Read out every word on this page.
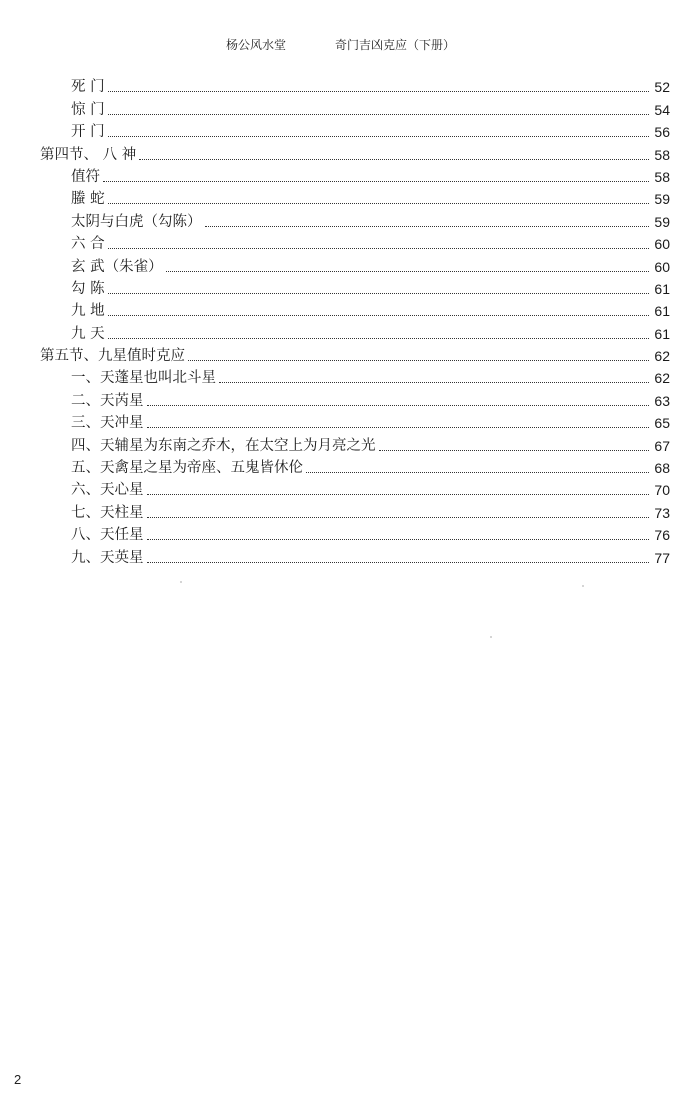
杨公风水堂	奇门吉凶克应（下册）
死 门	52
惊 门	54
开 门	56
第四节、 八 神	58
值符	58
螣 蛇	59
太阴与白虎（勾陈）	59
六 合	60
玄 武（朱雀）	60
勾 陈	61
九 地	61
九 天	61
第五节、九星值时克应	62
一、天蓬星也叫北斗星	62
二、天芮星	63
三、天冲星	65
四、天辅星为东南之乔木，在太空上为月亮之光	67
五、天禽星之星为帝座、五鬼皆休伦	68
六、天心星	70
七、天柱星	73
八、天任星	76
九、天英星	77
2
